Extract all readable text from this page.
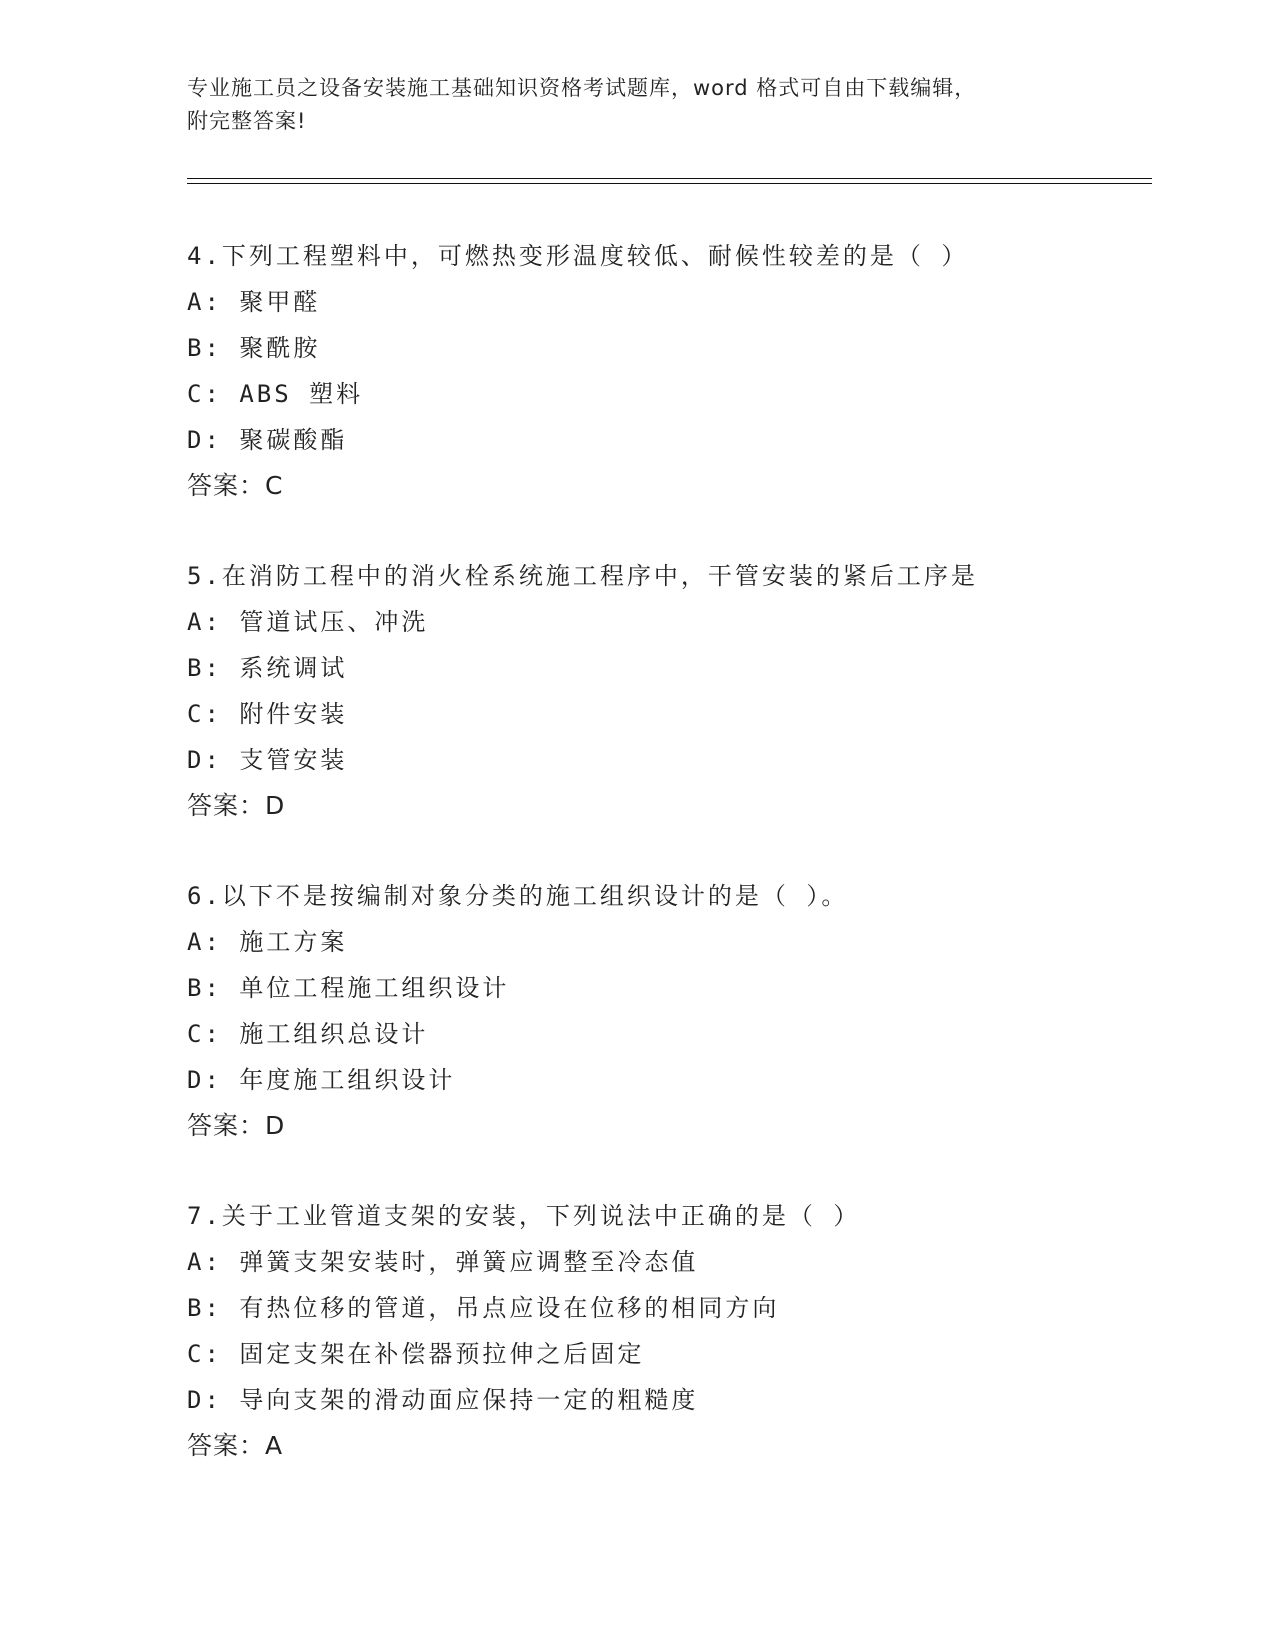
专业施工员之设备安装施工基础知识资格考试题库，word 格式可自由下载编辑，
附完整答案!
4.下列工程塑料中，可燃热变形温度较低、耐候性较差的是（ ）
A: 聚甲醛
B: 聚酰胺
C: ABS 塑料
D: 聚碳酸酯
答案：C
5.在消防工程中的消火栓系统施工程序中，干管安装的紧后工序是
A: 管道试压、冲洗
B: 系统调试
C: 附件安装
D: 支管安装
答案：D
6.以下不是按编制对象分类的施工组织设计的是（ ）。
A: 施工方案
B: 单位工程施工组织设计
C: 施工组织总设计
D: 年度施工组织设计
答案：D
7.关于工业管道支架的安装，下列说法中正确的是（ ）
A: 弹簧支架安装时，弹簧应调整至冷态值
B: 有热位移的管道，吊点应设在位移的相同方向
C: 固定支架在补偿器预拉伸之后固定
D: 导向支架的滑动面应保持一定的粗糙度
答案：A
